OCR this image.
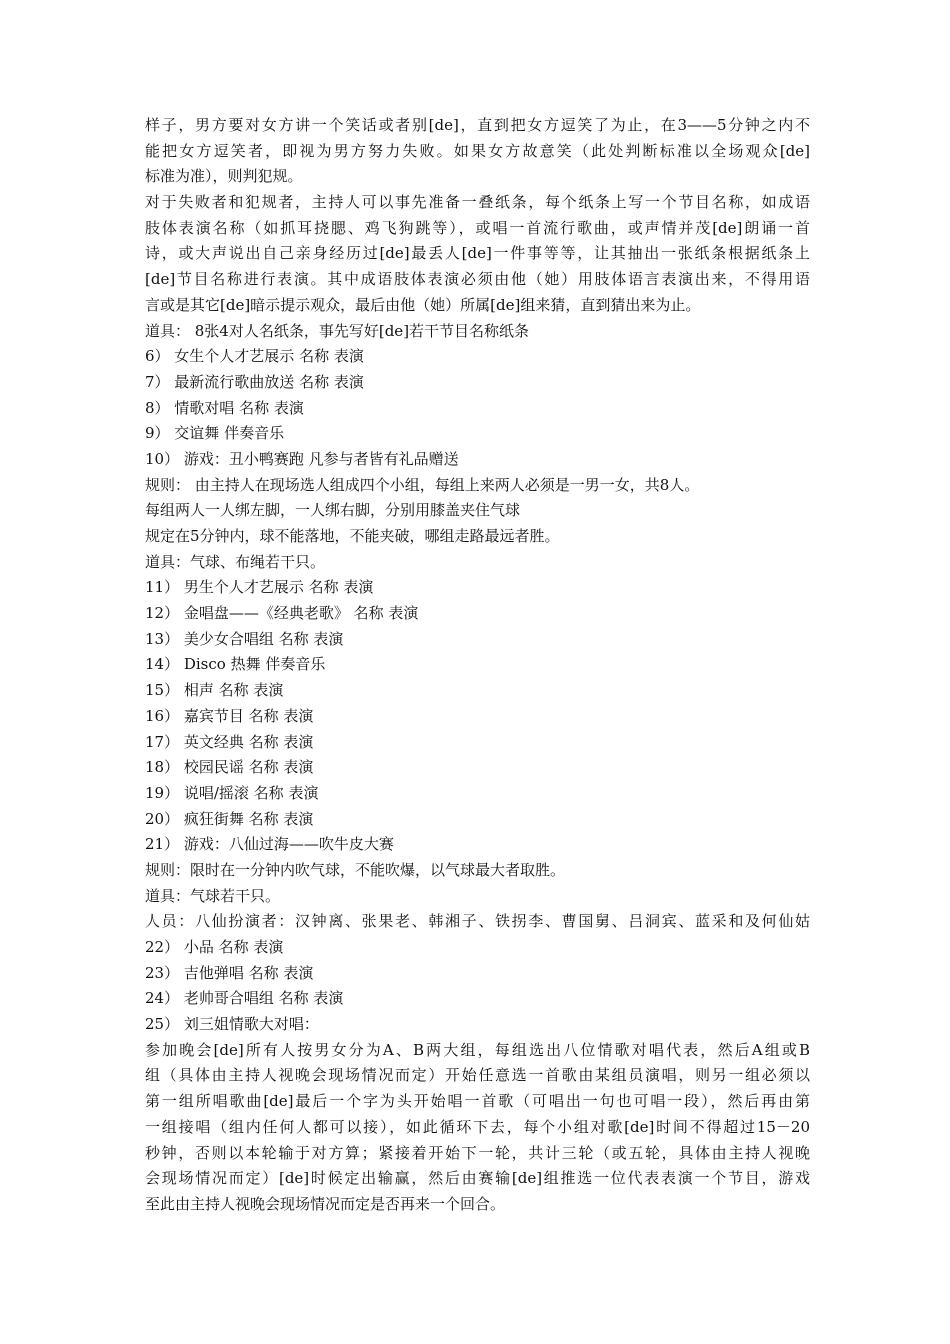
样子，男方要对女方讲一个笑话或者别[de]，直到把女方逗笑了为止，在3——5分钟之内不
能把女方逗笑者，即视为男方努力失败。如果女方故意笑（此处判断标准以全场观众[de]
标准为准），则判犯规。
对于失败者和犯规者，主持人可以事先准备一叠纸条，每个纸条上写一个节目名称，如成语
肢体表演名称（如抓耳挠腮、鸡飞狗跳等），或唱一首流行歌曲，或声情并茂[de]朗诵一首
诗，或大声说出自己亲身经历过[de]最丢人[de]一件事等等，让其抽出一张纸条根据纸条上
[de]节目名称进行表演。其中成语肢体表演必须由他（她）用肢体语言表演出来，不得用语
言或是其它[de]暗示提示观众，最后由他（她）所属[de]组来猜，直到猜出来为止。
道具： 8张4对人名纸条，事先写好[de]若干节目名称纸条
6） 女生个人才艺展示 名称 表演
7） 最新流行歌曲放送 名称 表演
8） 情歌对唱 名称 表演
9） 交谊舞 伴奏音乐
10） 游戏：丑小鸭赛跑 凡参与者皆有礼品赠送
规则： 由主持人在现场选人组成四个小组，每组上来两人必须是一男一女，共8人。
每组两人一人绑左脚，一人绑右脚，分别用膝盖夹住气球
规定在5分钟内，球不能落地，不能夹破，哪组走路最远者胜。
道具：气球、布绳若干只。
11） 男生个人才艺展示 名称 表演
12） 金唱盘——《经典老歌》 名称 表演
13） 美少女合唱组 名称 表演
14） Disco 热舞 伴奏音乐
15） 相声 名称 表演
16） 嘉宾节目 名称 表演
17） 英文经典 名称 表演
18） 校园民谣 名称 表演
19） 说唱/摇滚 名称 表演
20） 疯狂街舞 名称 表演
21） 游戏：八仙过海——吹牛皮大赛
规则：限时在一分钟内吹气球，不能吹爆，以气球最大者取胜。
道具：气球若干只。
人员：八仙扮演者：汉钟离、张果老、韩湘子、铁拐李、曹国舅、吕洞宾、蓝采和及何仙姑
22） 小品 名称 表演
23） 吉他弹唱 名称 表演
24） 老帅哥合唱组 名称 表演
25） 刘三姐情歌大对唱：
参加晚会[de]所有人按男女分为A、B两大组，每组选出八位情歌对唱代表，然后A组或B
组（具体由主持人视晚会现场情况而定）开始任意选一首歌由某组员演唱，则另一组必须以
第一组所唱歌曲[de]最后一个字为头开始唱一首歌（可唱出一句也可唱一段），然后再由第
一组接唱（组内任何人都可以接），如此循环下去，每个小组对歌[de]时间不得超过15－20
秒钟，否则以本轮输于对方算；紧接着开始下一轮，共计三轮（或五轮，具体由主持人视晚
会现场情况而定）[de]时候定出输赢，然后由赛输[de]组推选一位代表表演一个节目，游戏
至此由主持人视晚会现场情况而定是否再来一个回合。
